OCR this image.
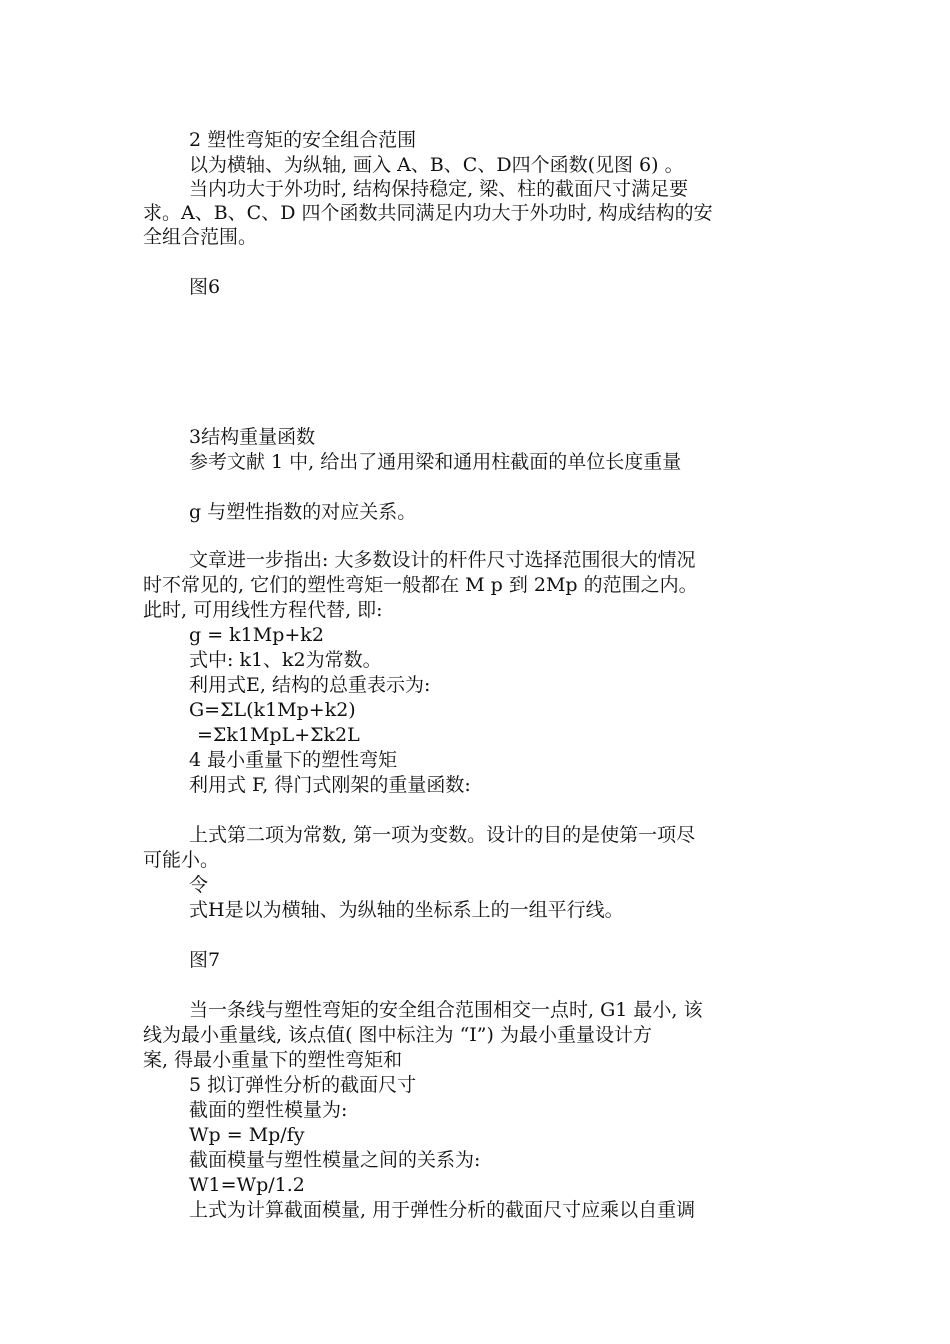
2 塑性弯矩的安全组合范围
以为横轴、为纵轴, 画入 A、B、C、D四个函数(见图 6) 。
当内功大于外功时, 结构保持稳定, 梁、柱的截面尺寸满足要
求。A、B、C、D 四个函数共同满足内功大于外功时, 构成结构的安
全组合范围。
图6
3结构重量函数
参考文献 1 中, 给出了通用梁和通用柱截面的单位长度重量
g 与塑性指数的对应关系。
文章进一步指出: 大多数设计的杆件尺寸选择范围很大的情况
时不常见的, 它们的塑性弯矩一般都在 M p 到 2Mp 的范围之内。
此时, 可用线性方程代替, 即:
g = k1Mp+k2
式中: k1、k2为常数。
利用式E, 结构的总重表示为:
G=ΣL(k1Mp+k2)
=Σk1MpL+Σk2L
4 最小重量下的塑性弯矩
利用式 F, 得门式刚架的重量函数:
上式第二项为常数, 第一项为变数。设计的目的是使第一项尽
可能小。
令
式H是以为横轴、为纵轴的坐标系上的一组平行线。
图7
当一条线与塑性弯矩的安全组合范围相交一点时, G1 最小, 该
线为最小重量线, 该点值( 图中标注为 “I”) 为最小重量设计方
案, 得最小重量下的塑性弯矩和
5 拟订弹性分析的截面尺寸
截面的塑性模量为:
Wp = Mp/fy
截面模量与塑性模量之间的关系为:
W1=Wp/1.2
上式为计算截面模量, 用于弹性分析的截面尺寸应乘以自重调
